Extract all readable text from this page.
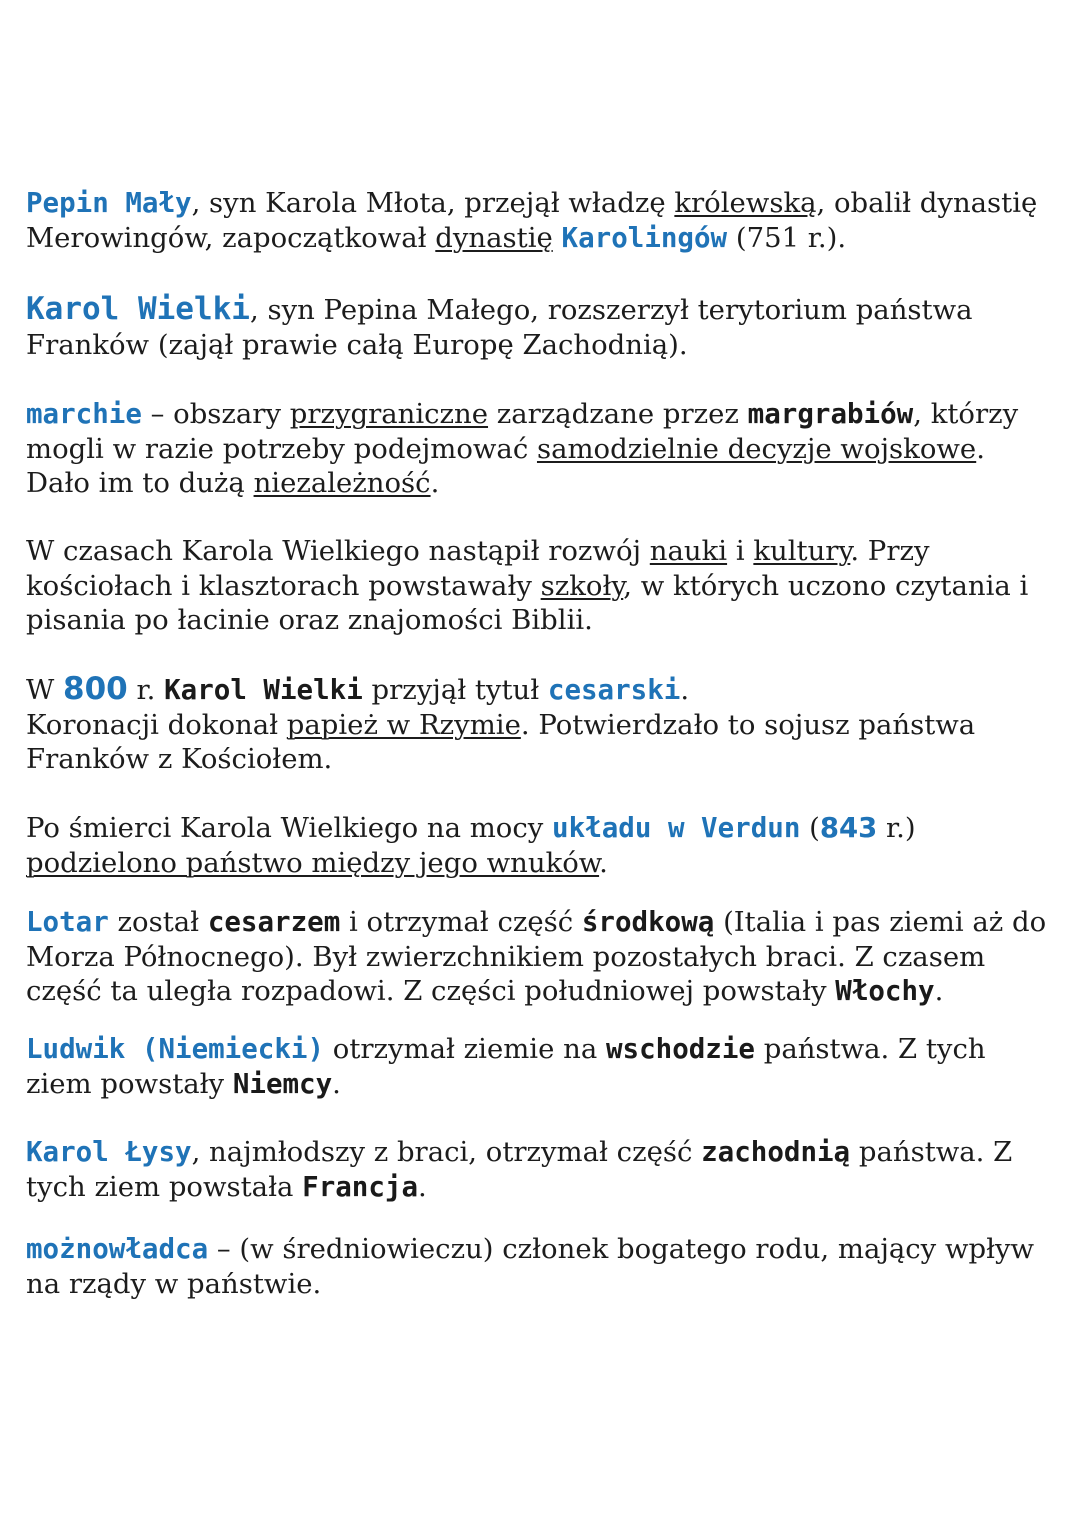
Pepin Mały, syn Karola Młota, przejął władzę królewską, obalił dynastię Merowingów, zapoczątkował dynastię Karolingów (751 r.).

Karol Wielki, syn Pepina Małego, rozszerzył terytorium państwa Franków (zajął prawie całą Europę Zachodnią).

marchie – obszary przygraniczne zarządzane przez margrabiów, którzy mogli w razie potrzeby podejmować samodzielnie decyzje wojskowe. Dało im to dużą niezależność.

W czasach Karola Wielkiego nastąpił rozwój nauki i kultury. Przy kościołach i klasztorach powstawały szkoły, w których uczono czytania i pisania po łacinie oraz znajomości Biblii.

W 800 r. Karol Wielki przyjął tytuł cesarski.
Koronacji dokonał papież w Rzymie. Potwierdzało to sojusz państwa Franków z Kościołem.

Po śmierci Karola Wielkiego na mocy układu w Verdun (843 r.) podzielono państwo między jego wnuków.

Lotar został cesarzem i otrzymał część środkową (Italia i pas ziemi aż do Morza Północnego). Był zwierzchnikiem pozostałych braci. Z czasem część ta uległa rozpadowi. Z części południowej powstały Włochy.

Ludwik (Niemiecki) otrzymał ziemie na wschodzie państwa. Z tych ziem powstały Niemcy.

Karol Łysy, najmłodszy z braci, otrzymał część zachodnią państwa. Z tych ziem powstała Francja.

możnowładca – (w średniowieczu) członek bogatego rodu, mający wpływ na rządy w państwie.
